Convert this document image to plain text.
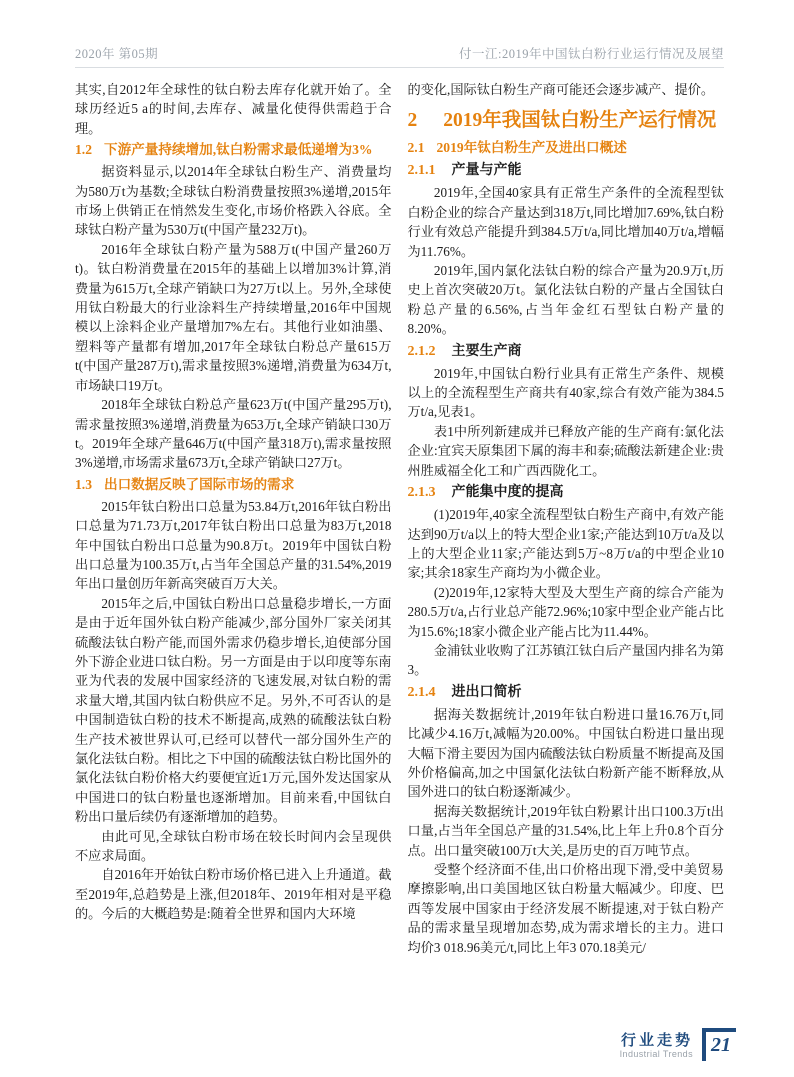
2020年 第05期	付一江:2019年中国钛白粉行业运行情况及展望

其实,自2012年全球性的钛白粉去库存化就开始了。全球历经近5 a的时间,去库存、减量化使得供需趋于合理。

1.2 下游产量持续增加,钛白粉需求最低递增为3%

据资料显示,以2014年全球钛白粉生产、消费量均为580万t为基数;全球钛白粉消费量按照3%递增,2015年市场上供销正在悄然发生变化,市场价格跌入谷底。全球钛白粉产量为530万t(中国产量232万t)。

2016年全球钛白粉产量为588万t(中国产量260万t)。钛白粉消费量在2015年的基础上以增加3%计算,消费量为615万t,全球产销缺口为27万t以上。另外,全球使用钛白粉最大的行业涂料生产持续增量,2016年中国规模以上涂料企业产量增加7%左右。其他行业如油墨、塑料等产量都有增加,2017年全球钛白粉总产量615万t(中国产量287万t),需求量按照3%递增,消费量为634万t,市场缺口19万t。

2018年全球钛白粉总产量623万t(中国产量295万t),需求量按照3%递增,消费量为653万t,全球产销缺口30万t。2019年全球产量646万t(中国产量318万t),需求量按照3%递增,市场需求量673万t,全球产销缺口27万t。

1.3 出口数据反映了国际市场的需求

2015年钛白粉出口总量为53.84万t,2016年钛白粉出口总量为71.73万t,2017年钛白粉出口总量为83万t,2018年中国钛白粉出口总量为90.8万t。2019年中国钛白粉出口总量为100.35万t,占当年全国总产量的31.54%,2019年出口量创历年新高突破百万大关。

2015年之后,中国钛白粉出口总量稳步增长,一方面是由于近年国外钛白粉产能减少,部分国外厂家关闭其硫酸法钛白粉产能,而国外需求仍稳步增长,迫使部分国外下游企业进口钛白粉。另一方面是由于以印度等东南亚为代表的发展中国家经济的飞速发展,对钛白粉的需求量大增,其国内钛白粉供应不足。另外,不可否认的是中国制造钛白粉的技术不断提高,成熟的硫酸法钛白粉生产技术被世界认可,已经可以替代一部分国外生产的氯化法钛白粉。相比之下中国的硫酸法钛白粉比国外的氯化法钛白粉价格大约要便宜近1万元,国外发达国家从中国进口的钛白粉量也逐渐增加。目前来看,中国钛白粉出口量后续仍有逐渐增加的趋势。

由此可见,全球钛白粉市场在较长时间内会呈现供不应求局面。

自2016年开始钛白粉市场价格已进入上升通道。截至2019年,总趋势是上涨,但2018年、2019年相对是平稳的。今后的大概趋势是:随着全世界和国内大环境

的变化,国际钛白粉生产商可能还会逐步减产、提价。

2 2019年我国钛白粉生产运行情况
2.1 2019年钛白粉生产及进出口概述
2.1.1 产量与产能

2019年,全国40家具有正常生产条件的全流程型钛白粉企业的综合产量达到318万t,同比增加7.69%,钛白粉行业有效总产能提升到384.5万t/a,同比增加40万t/a,增幅为11.76%。

2019年,国内氯化法钛白粉的综合产量为20.9万t,历史上首次突破20万t。氯化法钛白粉的产量占全国钛白粉总产量的6.56%,占当年金红石型钛白粉产量的8.20%。

2.1.2 主要生产商

2019年,中国钛白粉行业具有正常生产条件、规模以上的全流程型生产商共有40家,综合有效产能为384.5万t/a,见表1。

表1中所列新建成并已释放产能的生产商有:氯化法企业:宜宾天原集团下属的海丰和泰;硫酸法新建企业:贵州胜威福全化工和广西西陇化工。

2.1.3 产能集中度的提高

(1)2019年,40家全流程型钛白粉生产商中,有效产能达到90万t/a以上的特大型企业1家;产能达到10万t/a及以上的大型企业11家;产能达到5万~8万t/a的中型企业10家;其余18家生产商均为小微企业。

(2)2019年,12家特大型及大型生产商的综合产能为280.5万t/a,占行业总产能72.96%;10家中型企业产能占比为15.6%;18家小微企业产能占比为11.44%。

金浦钛业收购了江苏镇江钛白后产量国内排名为第3。

2.1.4 进出口简析

据海关数据统计,2019年钛白粉进口量16.76万t,同比减少4.16万t,减幅为20.00%。中国钛白粉进口量出现大幅下滑主要因为国内硫酸法钛白粉质量不断提高及国外价格偏高,加之中国氯化法钛白粉新产能不断释放,从国外进口的钛白粉逐渐减少。

据海关数据统计,2019年钛白粉累计出口100.3万t出口量,占当年全国总产量的31.54%,比上年上升0.8个百分点。出口量突破100万t大关,是历史的百万吨节点。

受整个经济面不佳,出口价格出现下滑,受中美贸易摩擦影响,出口美国地区钛白粉量大幅减少。印度、巴西等发展中国家由于经济发展不断提速,对于钛白粉产品的需求量呈现增加态势,成为需求增长的主力。进口均价3 018.96美元/t,同比上年3 070.18美元/

行业走势
Industrial Trends 21
